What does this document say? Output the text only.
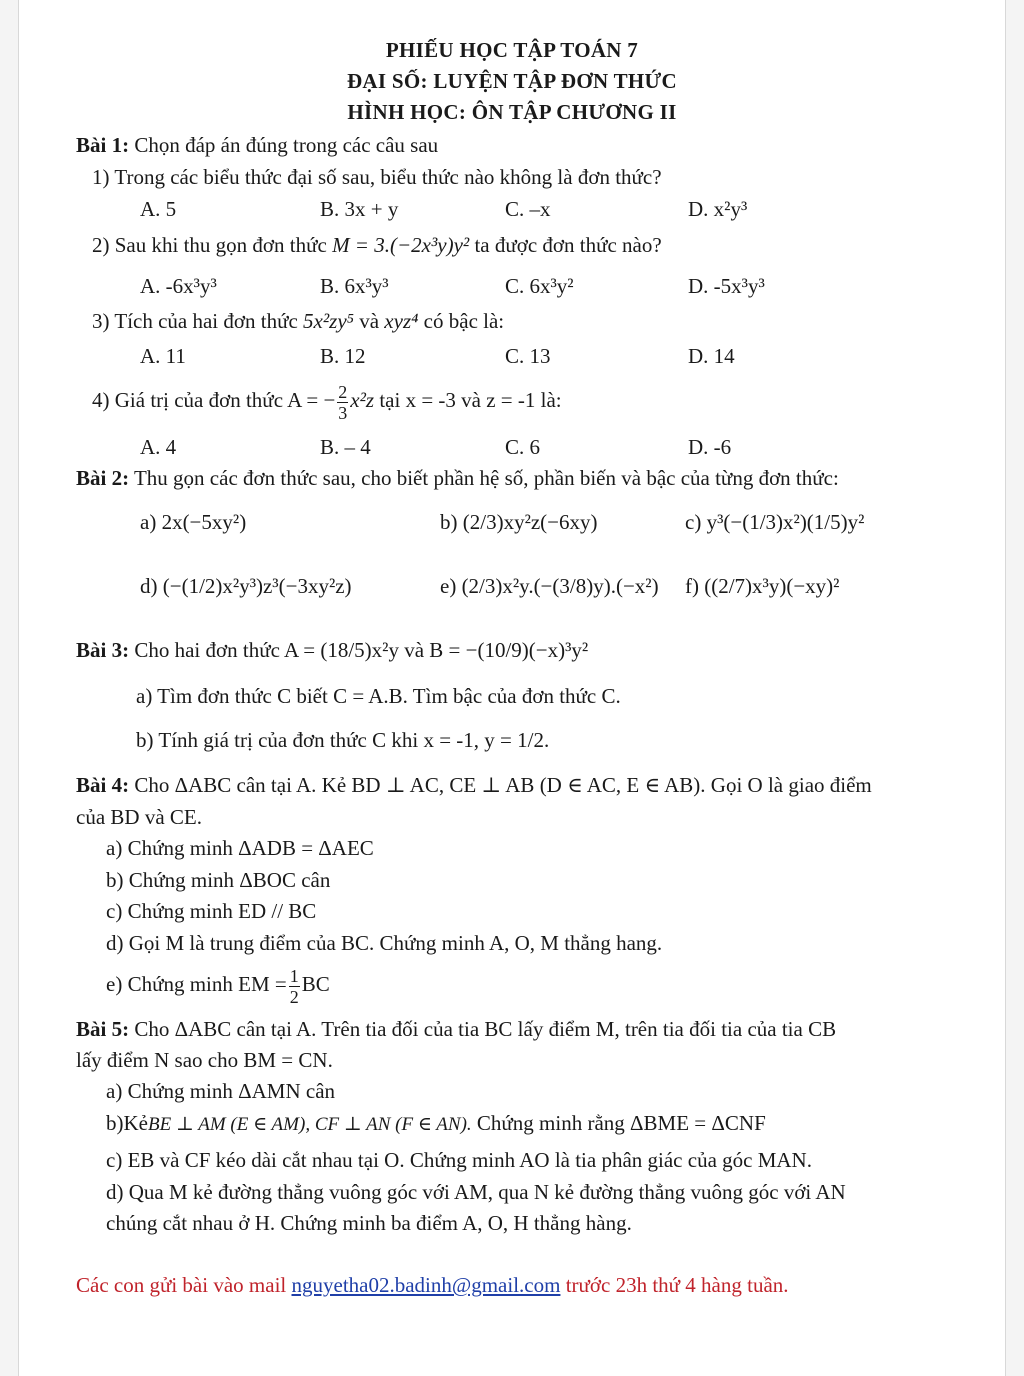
PHIẾU HỌC TẬP TOÁN 7
ĐẠI SỐ: LUYỆN TẬP ĐƠN THỨC
HÌNH HỌC: ÔN TẬP CHƯƠNG II
Bài 1: Chọn đáp án đúng trong các câu sau
1) Trong các biểu thức đại số sau, biểu thức nào không là đơn thức?
A. 5	B. 3x + y	C. –x	D. x²y³
2) Sau khi thu gọn đơn thức M = 3.(−2x³y)y² ta được đơn thức nào?
A. -6x³y³	B. 6x³y³	C. 6x³y²	D. -5x³y³
3) Tích của hai đơn thức 5x²zy⁵ và xyz⁴ có bậc là:
A. 11	B. 12	C. 13	D. 14
4) Giá trị của đơn thức A = − $\frac{2}{3} x^2z$ tại x = -3 và z = -1 là:
A. 4	B. – 4	C. 6	D. -6
Bài 2: Thu gọn các đơn thức sau, cho biết phần hệ số, phần biến và bậc của từng đơn thức:
a) 2x(−5xy²)	b) (2/3)xy²z(−6xy)	c) y³(−(1/3)x²)(1/5)y²
d) (−(1/2)x²y³)z³(−3xy²z)	e) (2/3)x²y.(−(3/8)y).(−x²) f) ((2/7)x³y)(−xy)²
Bài 3: Cho hai đơn thức A = (18/5)x²y và B = −(10/9)(−x)³y²
a) Tìm đơn thức C biết C = A.B. Tìm bậc của đơn thức C.
b) Tính giá trị của đơn thức C khi x = -1, y = 1/2.
Bài 4: Cho ΔABC cân tại A. Kẻ BD ⊥ AC, CE ⊥ AB (D ∈ AC, E ∈ AB). Gọi O là giao điểm
của BD và CE.
a) Chứng minh ΔADB = ΔAEC
b) Chứng minh ΔBOC cân
c) Chứng minh ED // BC
d) Gọi M là trung điểm của BC. Chứng minh A, O, M thẳng hang.
e) Chứng minh EM = $\frac{1}{2}$ BC
Bài 5: Cho ΔABC cân tại A. Trên tia đối của tia BC lấy điểm M, trên tia đối tia của tia CB
lấy điểm N sao cho BM = CN.
a) Chứng minh ΔAMN cân
b)KẻBE ⊥ AM (E ∈ AM), CF ⊥ AN (F ∈ AN). Chứng minh rằng ΔBME = ΔCNF
c) EB và CF kéo dài cắt nhau tại O. Chứng minh AO là tia phân giác của góc MAN.
d) Qua M kẻ đường thẳng vuông góc với AM, qua N kẻ đường thẳng vuông góc với AN
chúng cắt nhau ở H. Chứng minh ba điểm A, O, H thẳng hàng.
Các con gửi bài vào mail nguyetha02.badinh@gmail.com trước 23h thứ 4 hàng tuần.
